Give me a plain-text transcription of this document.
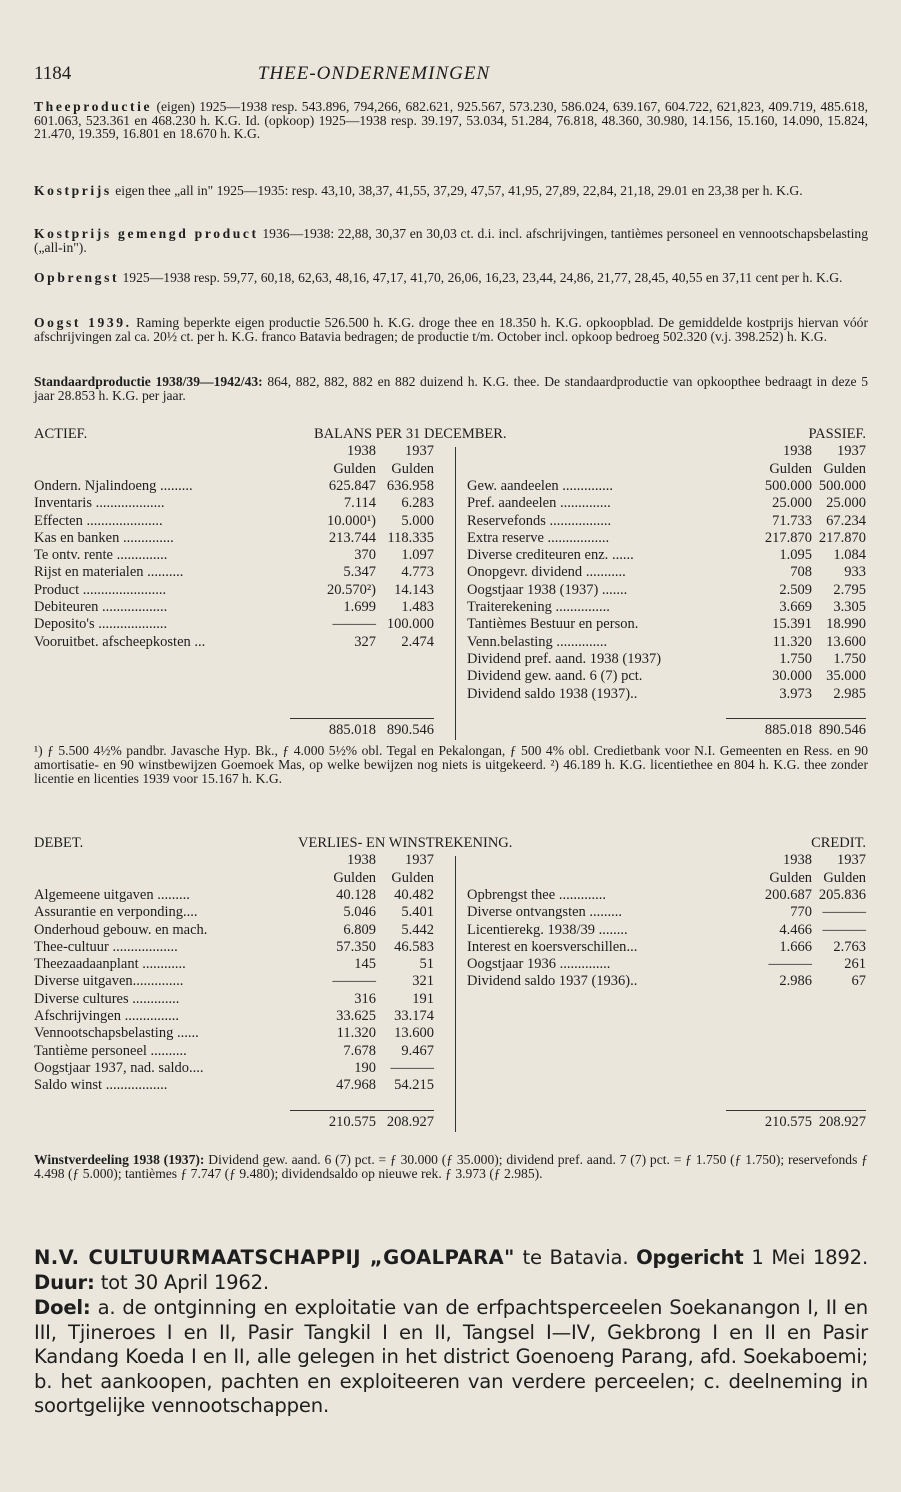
1184	THEE-ONDERNEMINGEN
Theeproductie (eigen) 1925—1938 resp. 543.896, 794,266, 682.621, 925.567, 573.230, 586.024, 639.167, 604.722, 621,823, 409.719, 485.618, 601.063, 523.361 en 468.230 h. K.G. Id. (opkoop) 1925—1938 resp. 39.197, 53.034, 51.284, 76.818, 48.360, 30.980, 14.156, 15.160, 14.090, 15.824, 21.470, 19.359, 16.801 en 18.670 h. K.G.
Kostprijs eigen thee „all in" 1925—1935: resp. 43,10, 38,37, 41,55, 37,29, 47,57, 41,95, 27,89, 22,84, 21,18, 29.01 en 23,38 per h. K.G.
Kostprijs gemengd product 1936—1938: 22,88, 30,37 en 30,03 ct. d.i. incl. afschrijvingen, tantièmes personeel en vennootschapsbelasting („all-in").
Opbrengst 1925—1938 resp. 59,77, 60,18, 62,63, 48,16, 47,17, 41,70, 26,06, 16,23, 23,44, 24,86, 21,77, 28,45, 40,55 en 37,11 cent per h. K.G.
Oogst 1939. Raming beperkte eigen productie 526.500 h. K.G. droge thee en 18.350 h. K.G. opkoopblad. De gemiddelde kostprijs hiervan vóór afschrijvingen zal ca. 20½ ct. per h. K.G. franco Batavia bedragen; de productie t/m. October incl. opkoop bedroeg 502.320 (v.j. 398.252) h. K.G.
Standaardproductie 1938/39—1942/43: 864, 882, 882, 882 en 882 duizend h. K.G. thee. De standaardproductie van opkoopthee bedraagt in deze 5 jaar 28.853 h. K.G. per jaar.
ACTIEF.	BALANS PER 31 DECEMBER.	PASSIEF.
1938	1937	1938	1937
Gulden	Gulden	Gulden Gulden
Ondern. Njalindoeng .........	625.847 636.958
Inventaris ...................	7.114	6.283
Effecten .....................	10.000¹)	5.000
Kas en banken ..............	213.744 118.335
Te ontv. rente ..............	370	1.097
Rijst en materialen ..........	5.347	4.773
Product .......................	20.570²)	14.143
Debiteuren ..................	1.699	1.483
Deposito's ...................	——— 100.000
Vooruitbet. afscheepkosten ...	327	2.474
Gew. aandeelen ..............	500.000 500.000
Pref. aandeelen ..............	25.000 25.000
Reservefonds .................	71.733 67.234
Extra reserve .................	217.870 217.870
Diverse crediteuren enz. ......	1.095	1.084
Onopgevr. dividend ...........	708	933
Oogstjaar 1938 (1937) .......	2.509	2.795
Traiterekening ...............	3.669	3.305
Tantièmes Bestuur en person.	15.391 18.990
Venn.belasting ..............	11.320 13.600
Dividend pref. aand. 1938 (1937)	1.750	1.750
Dividend gew. aand. 6 (7) pct.	30.000 35.000
Dividend saldo 1938 (1937)..	3.973	2.985
885.018 890.546	885.018 890.546
¹) ƒ 5.500 4½% pandbr. Javasche Hyp. Bk., ƒ 4.000 5½% obl. Tegal en Pekalongan, ƒ 500 4% obl. Credietbank voor N.I. Gemeenten en Ress. en 90 amortisatie- en 90 winstbewijzen Goemoek Mas, op welke bewijzen nog niets is uitgekeerd. ²) 46.189 h. K.G. licentiethee en 804 h. K.G. thee zonder licentie en licenties 1939 voor 15.167 h. K.G.
DEBET.	VERLIES- EN WINSTREKENING.	CREDIT.
1938	1937	1938	1937
Gulden	Gulden	Gulden Gulden
Algemeene uitgaven .........	40.128	40.482
Assurantie en verponding....	5.046	5.401
Onderhoud gebouw. en mach.	6.809	5.442
Thee-cultuur ..................	57.350	46.583
Theezaadaanplant ............	145	51
Diverse uitgaven..............	———	321
Diverse cultures .............	316	191
Afschrijvingen ...............	33.625	33.174
Vennootschapsbelasting ......	11.320	13.600
Tantième personeel ..........	7.678	9.467
Oogstjaar 1937, nad. saldo....	190	———
Saldo winst .................	47.968	54.215
Opbrengst thee .............	200.687 205.836
Diverse ontvangsten .........	770 ———
Licentierekg. 1938/39 ........	4.466 ———
Interest en koersverschillen...	1.666	2.763
Oogstjaar 1936 ..............	———	261
Dividend saldo 1937 (1936)..	2.986	67
210.575 208.927	210.575 208.927
Winstverdeeling 1938 (1937): Dividend gew. aand. 6 (7) pct. = ƒ 30.000 (ƒ 35.000); dividend pref. aand. 7 (7) pct. = ƒ 1.750 (ƒ 1.750); reservefonds ƒ 4.498 (ƒ 5.000); tantièmes ƒ 7.747 (ƒ 9.480); dividendsaldo op nieuwe rek. ƒ 3.973 (ƒ 2.985).
N.V. CULTUURMAATSCHAPPIJ „GOALPARA" te Batavia. Opgericht 1 Mei 1892. Duur: tot 30 April 1962.
Doel: a. de ontginning en exploitatie van de erfpachtsperceelen Soekanangon I, II en III, Tjineroes I en II, Pasir Tangkil I en II, Tangsel I—IV, Gekbrong I en II en Pasir Kandang Koeda I en II, alle gelegen in het district Goenoeng Parang, afd. Soekaboemi; b. het aankoopen, pachten en exploiteeren van verdere perceelen; c. deelneming in soortgelijke vennootschappen.
